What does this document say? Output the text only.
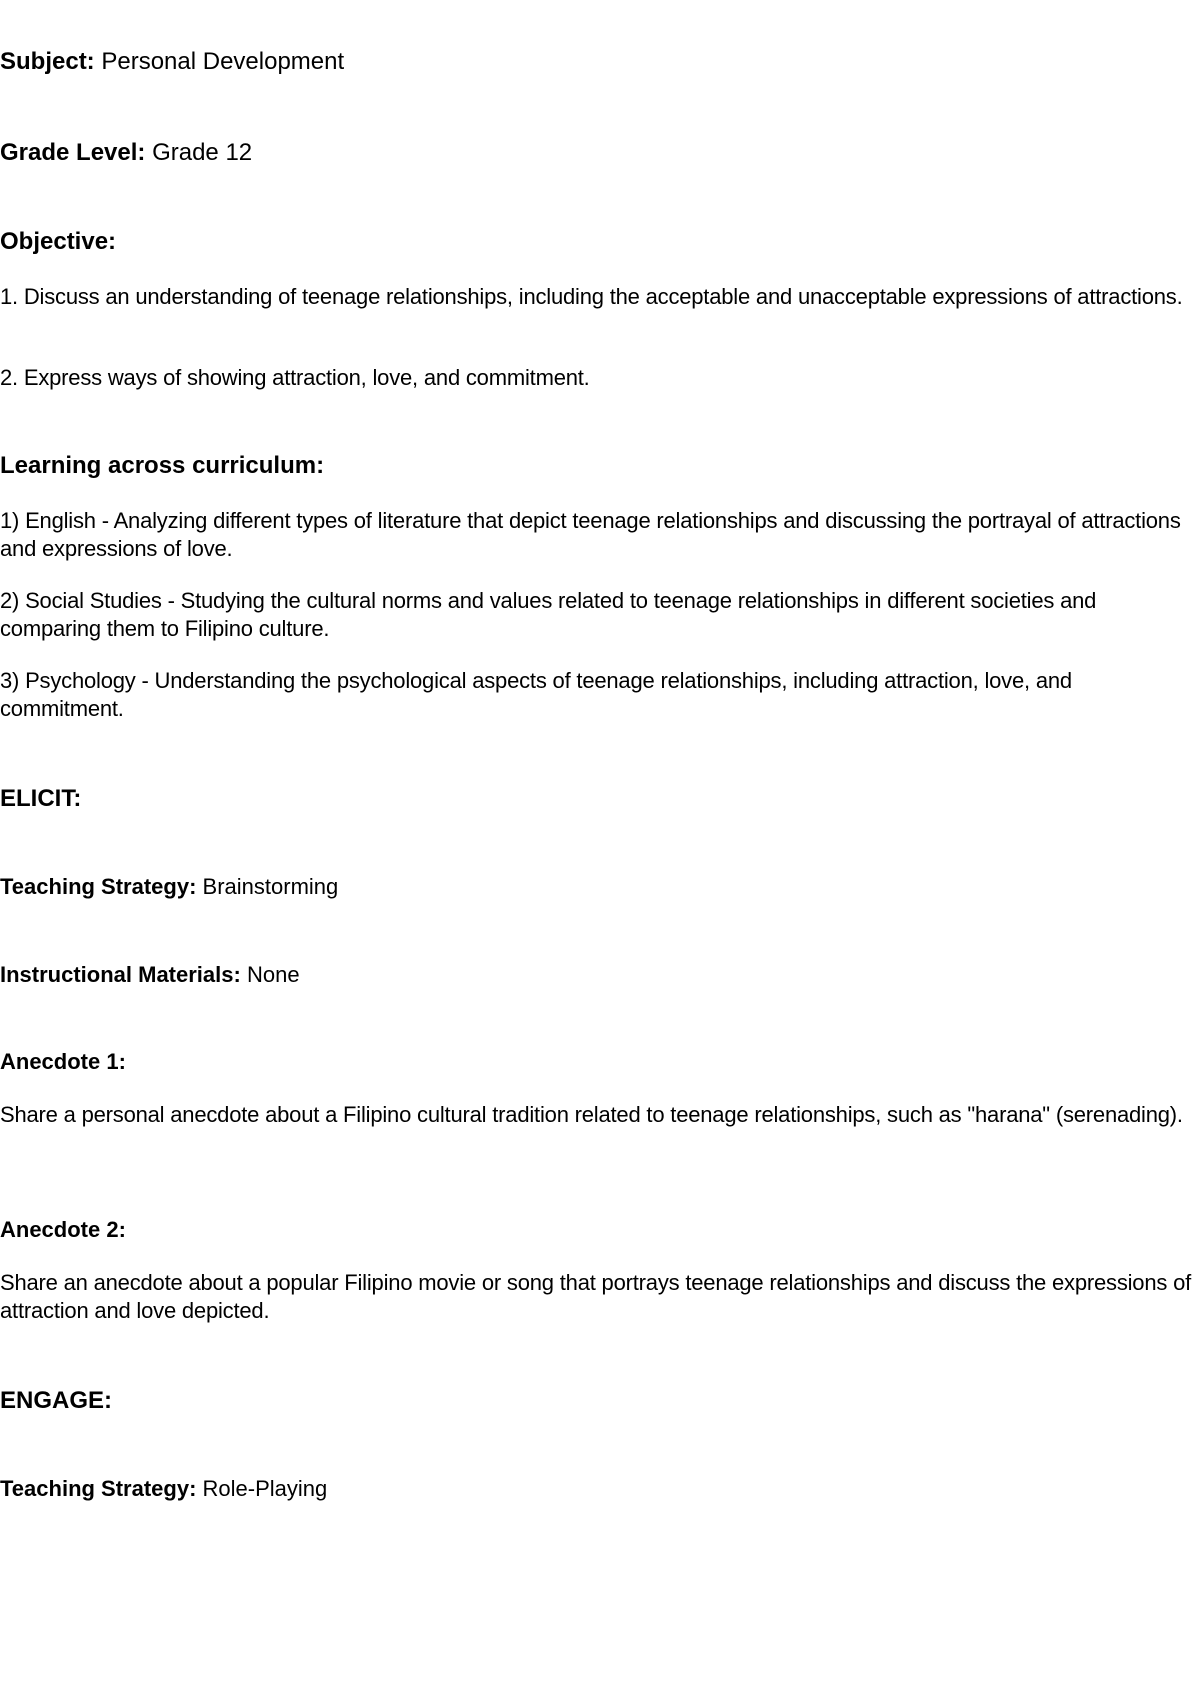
Subject: Personal Development

Grade Level: Grade 12

Objective:

1. Discuss an understanding of teenage relationships, including the acceptable and unacceptable expressions of attractions.

2. Express ways of showing attraction, love, and commitment.

Learning across curriculum:

1) English - Analyzing different types of literature that depict teenage relationships and discussing the portrayal of attractions and expressions of love.

2) Social Studies - Studying the cultural norms and values related to teenage relationships in different societies and comparing them to Filipino culture.

3) Psychology - Understanding the psychological aspects of teenage relationships, including attraction, love, and commitment.

ELICIT:

Teaching Strategy: Brainstorming

Instructional Materials: None

Anecdote 1:

Share a personal anecdote about a Filipino cultural tradition related to teenage relationships, such as "harana" (serenading).

Anecdote 2:

Share an anecdote about a popular Filipino movie or song that portrays teenage relationships and discuss the expressions of attraction and love depicted.

ENGAGE:

Teaching Strategy: Role-Playing
